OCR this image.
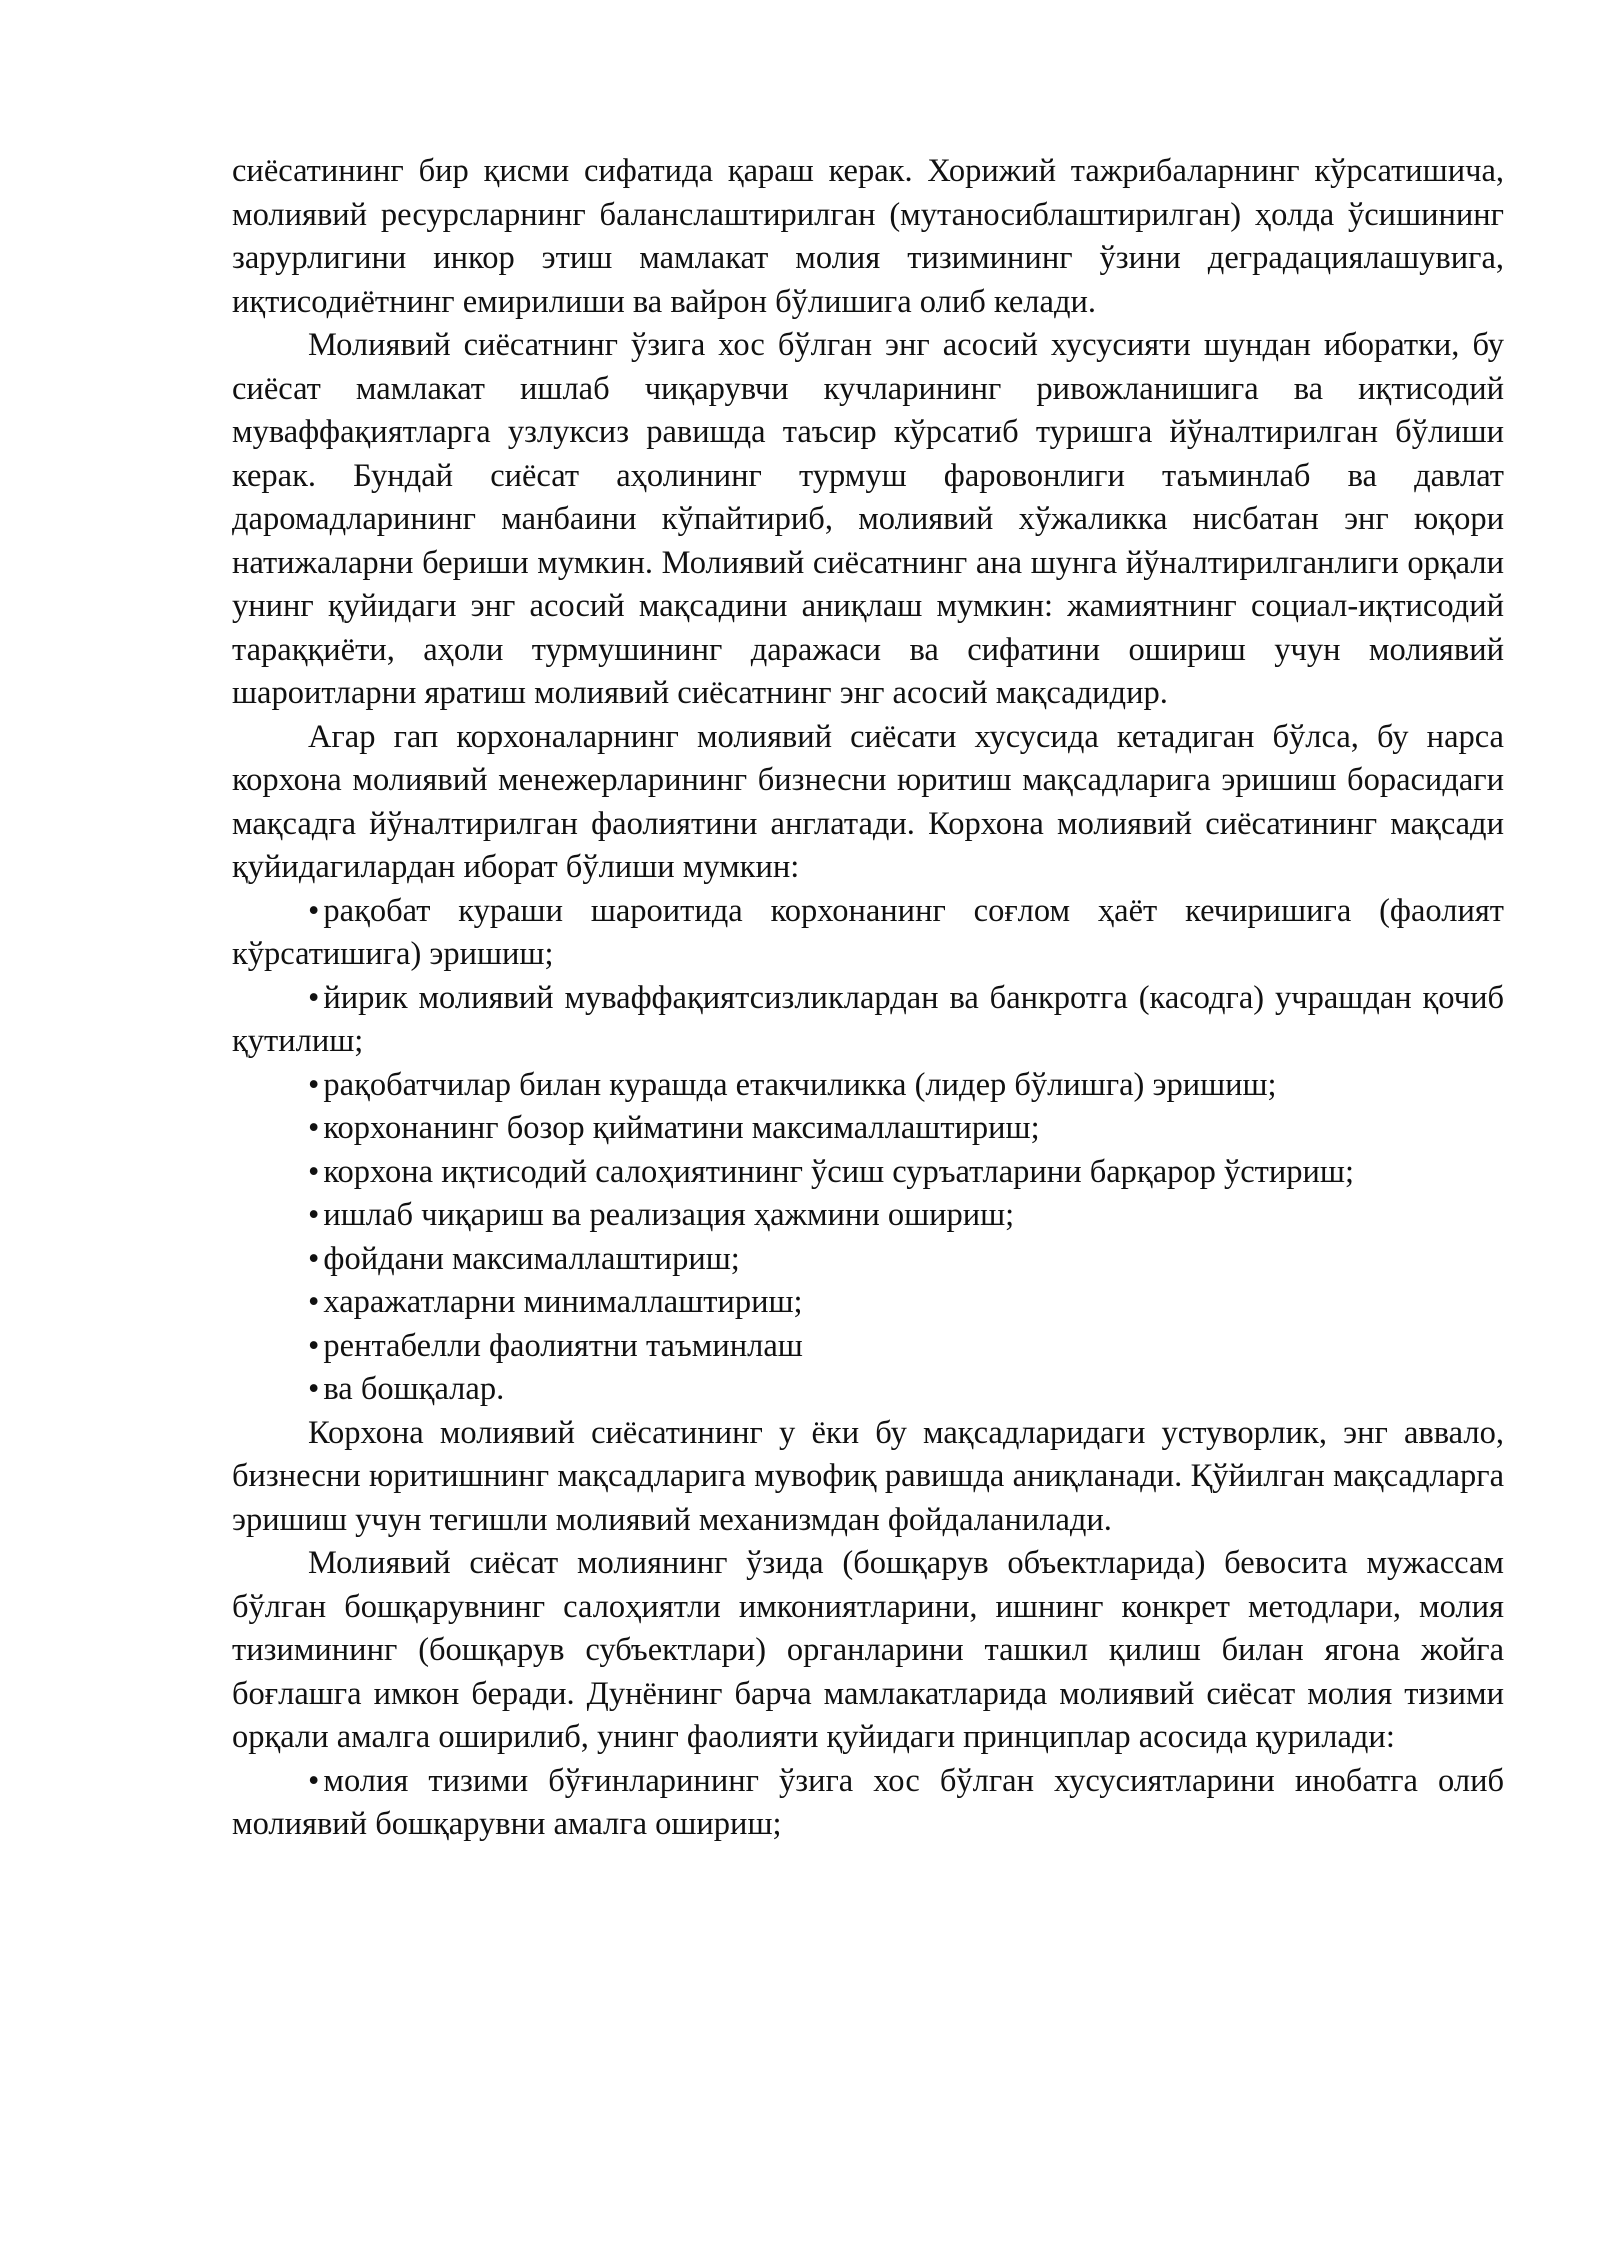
сиёсатининг бир қисми сифатида қараш керак. Хорижий тажрибаларнинг кўрсатишича, молиявий ресурсларнинг баланслаштирилган (мутаносиблаштирилган) ҳолда ўсишининг зарурлигини инкор этиш мамлакат молия тизимининг ўзини деградациялашувига, иқтисодиётнинг емирилиши ва вайрон бўлишига олиб келади.

Молиявий сиёсатнинг ўзига хос бўлган энг асосий хусусияти шундан иборатки, бу сиёсат мамлакат ишлаб чиқарувчи кучларининг ривожланишига ва иқтисодий муваффақиятларга узлуксиз равишда таъсир кўрсатиб туришга йўналтирилган бўлиши керак. Бундай сиёсат аҳолининг турмуш фаровонлиги таъминлаб ва давлат даромадларининг манбаини кўпайтириб, молиявий хўжаликка нисбатан энг юқори натижаларни бериши мумкин. Молиявий сиёсатнинг ана шунга йўналтирилганлиги орқали унинг қуйидаги энг асосий мақсадини аниқлаш мумкин: жамиятнинг социал-иқтисодий тараққиёти, аҳоли турмушининг даражаси ва сифатини ошириш учун молиявий шароитларни яратиш молиявий сиёсатнинг энг асосий мақсадидир.

Агар гап корхоналарнинг молиявий сиёсати хусусида кетадиган бўлса, бу нарса корхона молиявий менежерларининг бизнесни юритиш мақсадларига эришиш борасидаги мақсадга йўналтирилган фаолиятини англатади. Корхона молиявий сиёсатининг мақсади қуйидагилардан иборат бўлиши мумкин:

• рақобат кураши шароитида корхонанинг соғлом ҳаёт кечиришига (фаолият кўрсатишига) эришиш;

• йирик молиявий муваффақиятсизликлардан ва банкротга (касодга) учрашдан қочиб қутилиш;

• рақобатчилар билан курашда етакчиликка (лидер бўлишга) эришиш;

• корхонанинг бозор қийматини максималлаштириш;

• корхона иқтисодий салоҳиятининг ўсиш суръатларини барқарор ўстириш;

• ишлаб чиқариш ва реализация ҳажмини ошириш;

• фойдани максималлаштириш;

• харажатларни минималлаштириш;

• рентабелли фаолиятни таъминлаш

• ва бошқалар.

Корхона молиявий сиёсатининг у ёки бу мақсадларидаги устуворлик, энг аввало, бизнесни юритишнинг мақсадларига мувофиқ равишда аниқланади. Қўйилган мақсадларга эришиш учун тегишли молиявий механизмдан фойдаланилади.

Молиявий сиёсат молиянинг ўзида (бошқарув объектларида) бевосита мужассам бўлган бошқарувнинг салоҳиятли имкониятларини, ишнинг конкрет методлари, молия тизимининг (бошқарув субъектлари) органларини ташкил қилиш билан ягона жойга боғлашга имкон беради. Дунёнинг барча мамлакатларида молиявий сиёсат молия тизими орқали амалга оширилиб, унинг фаолияти қуйидаги принциплар асосида қурилади:

• молия тизими бўғинларининг ўзига хос бўлган хусусиятларини инобатга олиб молиявий бошқарувни амалга ошириш;
